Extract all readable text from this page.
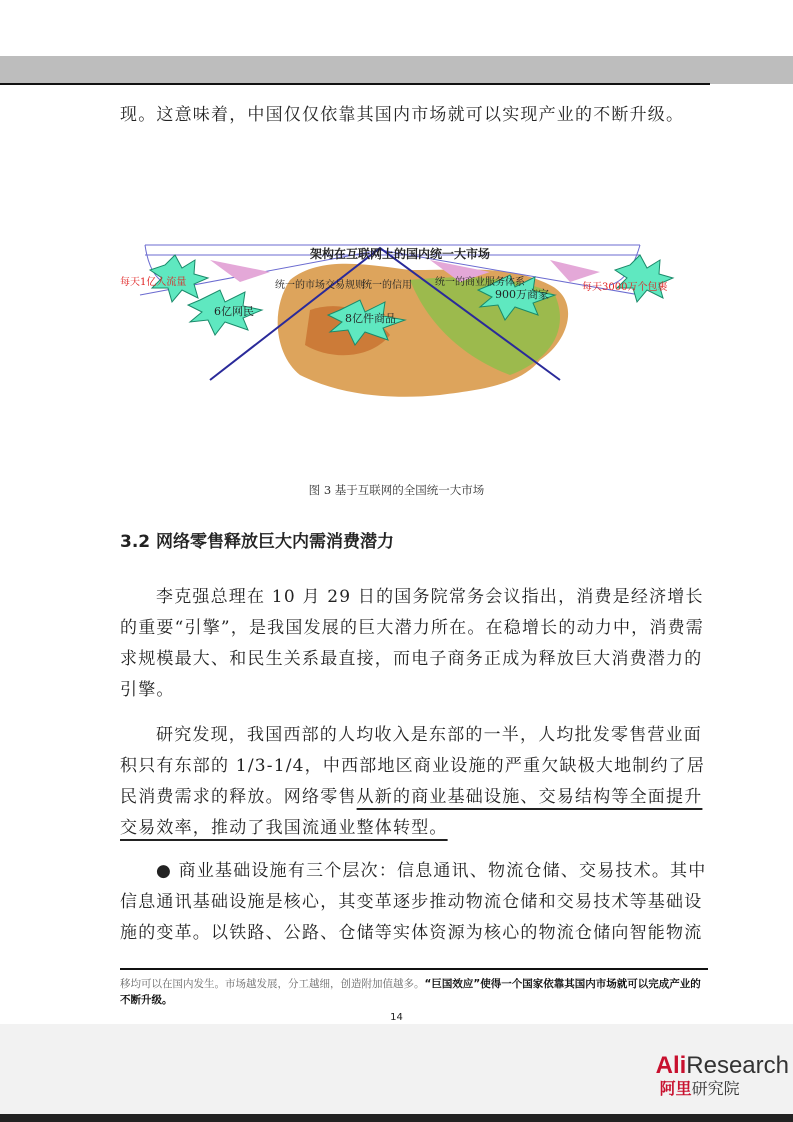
现。这意味着，中国仅仅依靠其国内市场就可以实现产业的不断升级。

架构在互联网上的国内统一大市场
每天1亿人流量	统一的市场交易规则
统一的信用 统一的商业服务体系	每天3000万个包裹
6亿网民
8亿件商品
900万商家
图 3 基于互联网的全国统一大市场
3.2 网络零售释放巨大内需消费潜力

李克强总理在 10 月 29 日的国务院常务会议指出，消费是经济增长的重要“引擎”，是我国发展的巨大潜力所在。在稳增长的动力中，消费需求规模最大、和民生关系最直接，而电子商务正成为释放巨大消费潜力的引擎。

研究发现，我国西部的人均收入是东部的一半，人均批发零售营业面积只有东部的 1/3-1/4，中西部地区商业设施的严重欠缺极大地制约了居民消费需求的释放。网络零售从新的商业基础设施、交易结构等全面提升交易效率，推动了我国流通业整体转型。

● 商业基础设施有三个层次：信息通讯、物流仓储、交易技术。其中信息通讯基础设施是核心，其变革逐步推动物流仓储和交易技术等基础设施的变革。以铁路、公路、仓储等实体资源为核心的物流仓储向智能物流

移均可以在国内发生。市场越发展，分工越细，创造附加值越多。“巨国效应”使得一个国家依靠其国内市场就可以完成产业的不断升级。
14
AliResearch
阿里研究院
